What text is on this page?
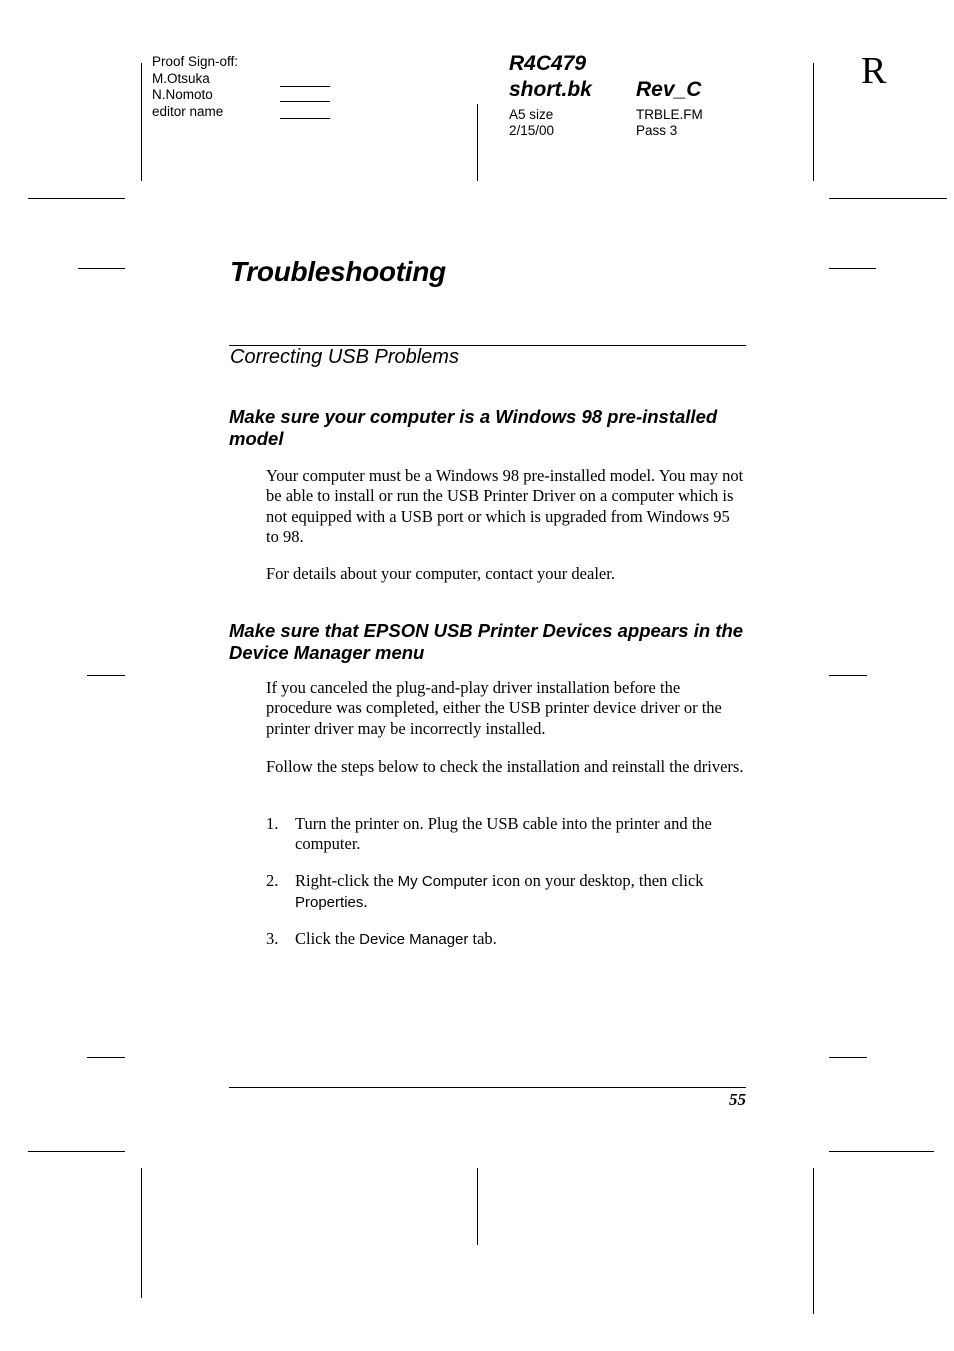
Proof Sign-off:
M.Otsuka
N.Nomoto
editor name
R4C479
short.bk Rev_C
A5 size
2/15/00
TRBLE.FM
Pass 3
R
Troubleshooting
Correcting USB Problems
Make sure your computer is a Windows 98 pre-installed model
Your computer must be a Windows 98 pre-installed model. You may not be able to install or run the USB Printer Driver on a computer which is not equipped with a USB port or which is upgraded from Windows 95 to 98.
For details about your computer, contact your dealer.
Make sure that EPSON USB Printer Devices appears in the Device Manager menu
If you canceled the plug-and-play driver installation before the procedure was completed, either the USB printer device driver or the printer driver may be incorrectly installed.
Follow the steps below to check the installation and reinstall the drivers.
1. Turn the printer on. Plug the USB cable into the printer and the computer.
2. Right-click the My Computer icon on your desktop, then click Properties.
3. Click the Device Manager tab.
55
